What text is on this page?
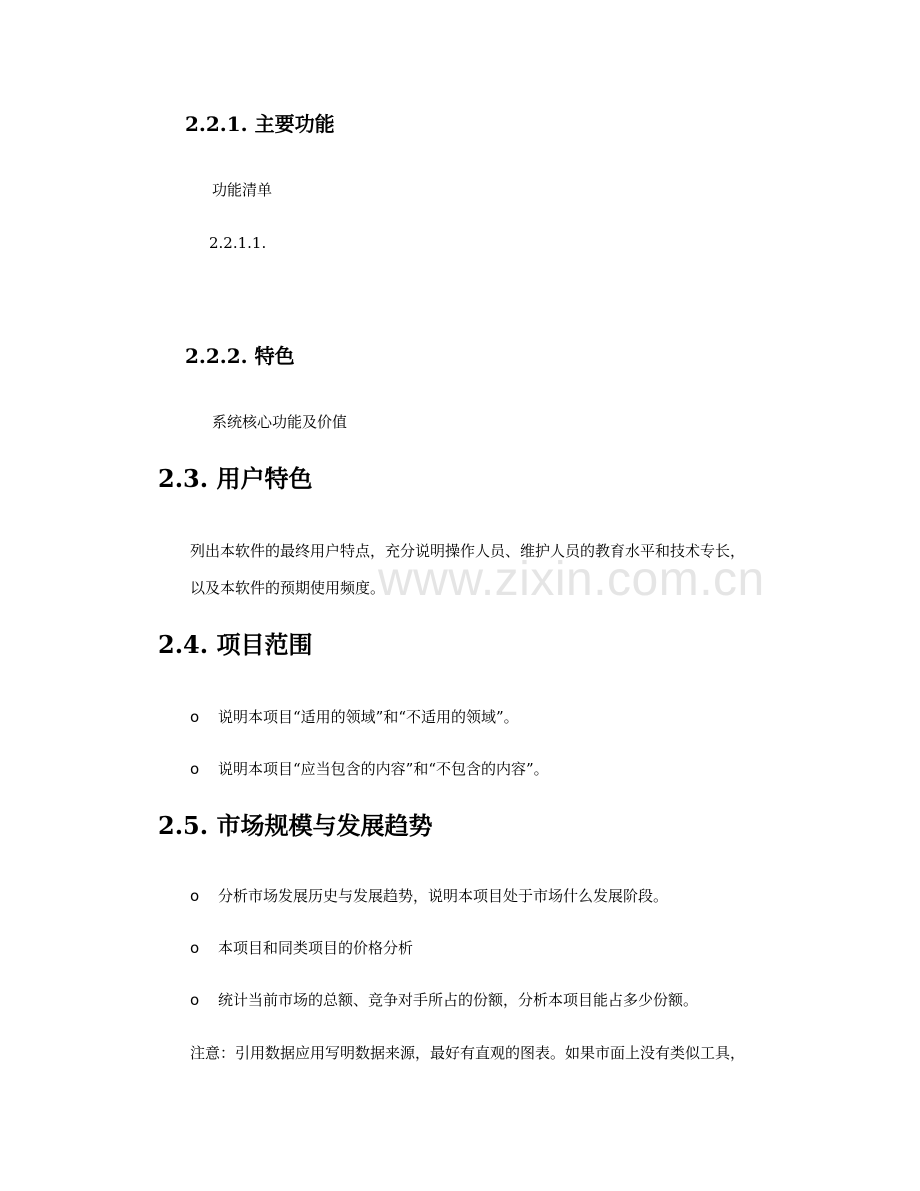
2.2.1. 主要功能
功能清单
2.2.1.1.
2.2.2. 特色
系统核心功能及价值
2.3. 用户特色
列出本软件的最终用户特点，充分说明操作人员、维护人员的教育水平和技术专长，
以及本软件的预期使用频度。
2.4. 项目范围
o 说明本项目“适用的领域”和“不适用的领域”。
o 说明本项目“应当包含的内容”和“不包含的内容”。
2.5. 市场规模与发展趋势
o 分析市场发展历史与发展趋势，说明本项目处于市场什么发展阶段。
o 本项目和同类项目的价格分析
o 统计当前市场的总额、竞争对手所占的份额，分析本项目能占多少份额。
注意：引用数据应用写明数据来源，最好有直观的图表。如果市面上没有类似工具，
www.zixin.com.cn
